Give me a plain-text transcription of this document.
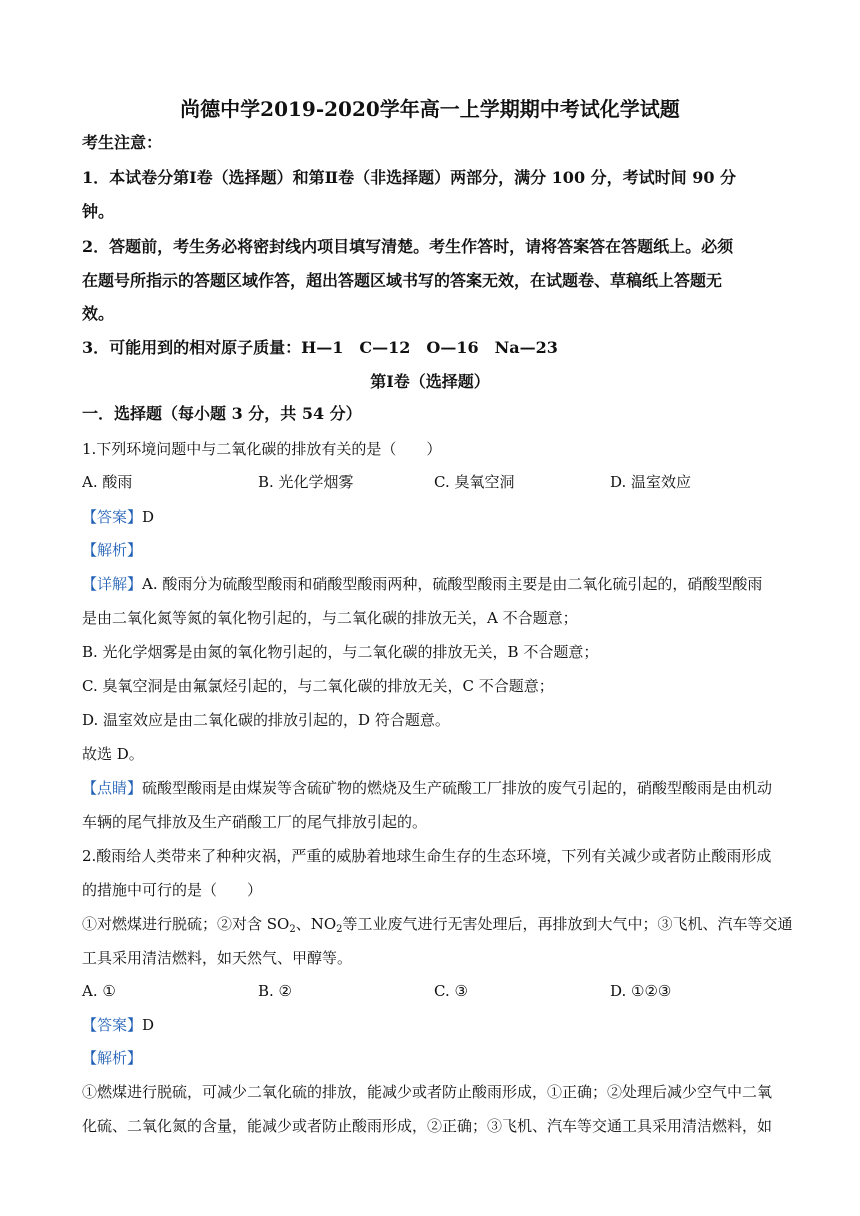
尚德中学2019-2020学年高一上学期期中考试化学试题
考生注意：
1．本试卷分第Ⅰ卷（选择题）和第Ⅱ卷（非选择题）两部分，满分 100 分，考试时间 90 分
钟。
2．答题前，考生务必将密封线内项目填写清楚。考生作答时，请将答案答在答题纸上。必须
在题号所指示的答题区域作答，超出答题区域书写的答案无效，在试题卷、草稿纸上答题无
效。
3．可能用到的相对原子质量：H—1　C—12　O—16　Na—23
第Ⅰ卷（选择题）
一．选择题（每小题 3 分，共 54 分）
1.下列环境问题中与二氧化碳的排放有关的是（　　）
A. 酸雨	B. 光化学烟雾	C. 臭氧空洞	D. 温室效应
【答案】D
【解析】
【详解】A. 酸雨分为硫酸型酸雨和硝酸型酸雨两种，硫酸型酸雨主要是由二氧化硫引起的，硝酸型酸雨
是由二氧化氮等氮的氧化物引起的，与二氧化碳的排放无关，A 不合题意；
B. 光化学烟雾是由氮的氧化物引起的，与二氧化碳的排放无关，B 不合题意；
C. 臭氧空洞是由氟氯烃引起的，与二氧化碳的排放无关，C 不合题意；
D. 温室效应是由二氧化碳的排放引起的，D 符合题意。
故选 D。
【点睛】硫酸型酸雨是由煤炭等含硫矿物的燃烧及生产硫酸工厂排放的废气引起的，硝酸型酸雨是由机动
车辆的尾气排放及生产硝酸工厂的尾气排放引起的。
2.酸雨给人类带来了种种灾祸，严重的威胁着地球生命生存的生态环境，下列有关减少或者防止酸雨形成
的措施中可行的是（　　）
①对燃煤进行脱硫；②对含 $SO_2$、$NO_2$等工业废气进行无害处理后，再排放到大气中；③飞机、汽车等交通
工具采用清洁燃料，如天然气、甲醇等。
A. ①	B. ②	C. ③	D. ①②③
【答案】D
【解析】
①燃煤进行脱硫，可减少二氧化硫的排放，能减少或者防止酸雨形成，①正确；②处理后减少空气中二氧
化硫、二氧化氮的含量，能减少或者防止酸雨形成，②正确；③飞机、汽车等交通工具采用清洁燃料，如
